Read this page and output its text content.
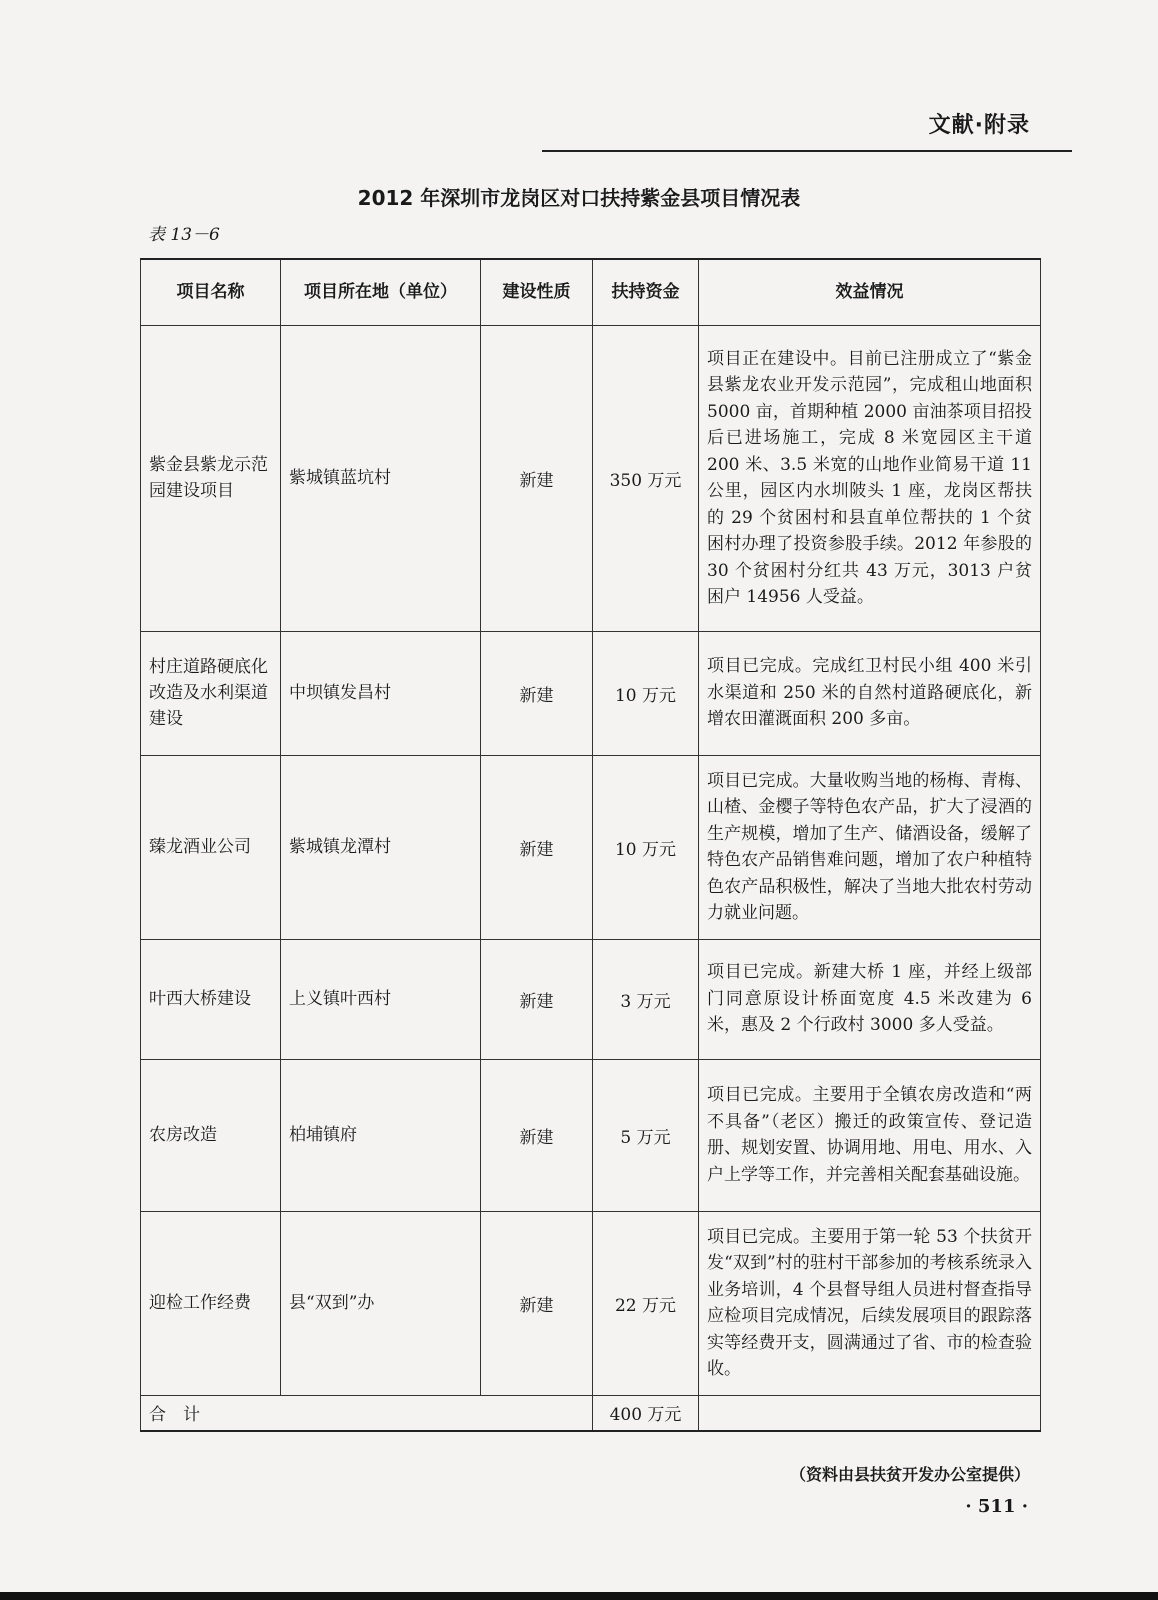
文献·附录
2012 年深圳市龙岗区对口扶持紫金县项目情况表
表 13－6
项目名称	项目所在地（单位）	建设性质	扶持资金	效益情况
紫金县紫龙示范园建设项目	紫城镇蓝坑村	新建	350 万元	项目正在建设中。目前已注册成立了“紫金县紫龙农业开发示范园”，完成租山地面积 5000 亩，首期种植 2000 亩油茶项目招投后已进场施工，完成 8 米宽园区主干道 200 米、3.5 米宽的山地作业简易干道 11 公里，园区内水圳陂头 1 座，龙岗区帮扶的 29 个贫困村和县直单位帮扶的 1 个贫困村办理了投资参股手续。2012 年参股的 30 个贫困村分红共 43 万元，3013 户贫困户 14956 人受益。
村庄道路硬底化改造及水利渠道建设	中坝镇发昌村	新建	10 万元	项目已完成。完成红卫村民小组 400 米引水渠道和 250 米的自然村道路硬底化，新增农田灌溉面积 200 多亩。
臻龙酒业公司	紫城镇龙潭村	新建	10 万元	项目已完成。大量收购当地的杨梅、青梅、山楂、金樱子等特色农产品，扩大了浸酒的生产规模，增加了生产、储酒设备，缓解了特色农产品销售难问题，增加了农户种植特色农产品积极性，解决了当地大批农村劳动力就业问题。
叶西大桥建设	上义镇叶西村	新建	3 万元	项目已完成。新建大桥 1 座，并经上级部门同意原设计桥面宽度 4.5 米改建为 6 米，惠及 2 个行政村 3000 多人受益。
农房改造	柏埔镇府	新建	5 万元	项目已完成。主要用于全镇农房改造和“两不具备”（老区）搬迁的政策宣传、登记造册、规划安置、协调用地、用电、用水、入户上学等工作，并完善相关配套基础设施。
迎检工作经费	县“双到”办	新建	22 万元	项目已完成。主要用于第一轮 53 个扶贫开发“双到”村的驻村干部参加的考核系统录入业务培训，4 个县督导组人员进村督查指导应检项目完成情况，后续发展项目的跟踪落实等经费开支，圆满通过了省、市的检查验收。
合　计			400 万元	
（资料由县扶贫开发办公室提供）
· 511 ·
